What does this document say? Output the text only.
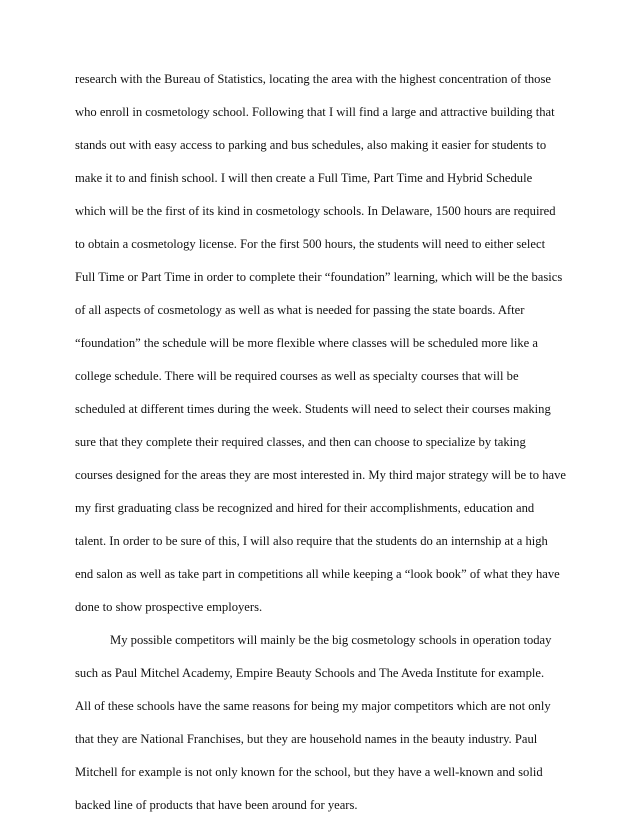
research with the Bureau of Statistics, locating the area with the highest concentration of those
who enroll in cosmetology school. Following that I will find a large and attractive building that
stands out with easy access to parking and bus schedules, also making it easier for students to
make it to and finish school. I will then create a Full Time, Part Time and Hybrid Schedule
which will be the first of its kind in cosmetology schools. In Delaware, 1500 hours are required
to obtain a cosmetology license. For the first 500 hours, the students will need to either select
Full Time or Part Time in order to complete their “foundation” learning, which will be the basics
of all aspects of cosmetology as well as what is needed for passing the state boards. After
“foundation” the schedule will be more flexible where classes will be scheduled more like a
college schedule. There will be required courses as well as specialty courses that will be
scheduled at different times during the week. Students will need to select their courses making
sure that they complete their required classes, and then can choose to specialize by taking
courses designed for the areas they are most interested in. My third major strategy will be to have
my first graduating class be recognized and hired for their accomplishments, education and
talent. In order to be sure of this, I will also require that the students do an internship at a high
end salon as well as take part in competitions all while keeping a “look book” of what they have
done to show prospective employers.
My possible competitors will mainly be the big cosmetology schools in operation today
such as Paul Mitchel Academy, Empire Beauty Schools and The Aveda Institute for example.
All of these schools have the same reasons for being my major competitors which are not only
that they are National Franchises, but they are household names in the beauty industry. Paul
Mitchell for example is not only known for the school, but they have a well-known and solid
backed line of products that have been around for years.
